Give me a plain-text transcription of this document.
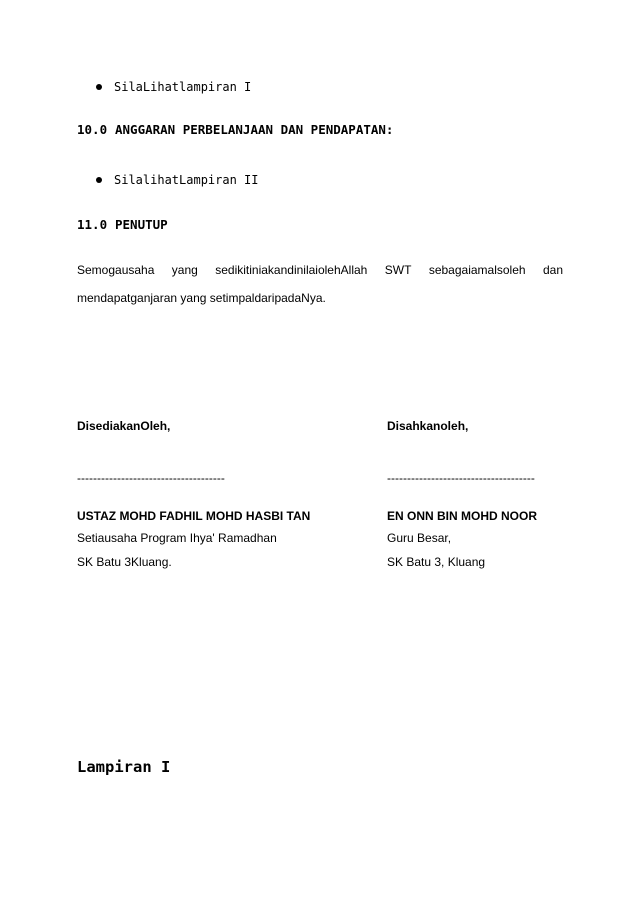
SilaLihatlampiran I
10.0 ANGGARAN PERBELANJAAN DAN PENDAPATAN:
SilalihatLampiran II
11.0 PENUTUP
Semogausaha yang sedikitiniakandinilaiolehAllah SWT sebagaiamalsoleh dan
mendapatganjaran yang setimpaldaripadaNya.
DisediakanOleh,
-------------------------------------
USTAZ MOHD FADHIL MOHD HASBI TAN
Setiausaha Program Ihya' Ramadhan
SK Batu 3Kluang.
Disahkanoleh,
-------------------------------------
EN ONN BIN MOHD NOOR
Guru Besar,
SK Batu 3, Kluang
Lampiran I
